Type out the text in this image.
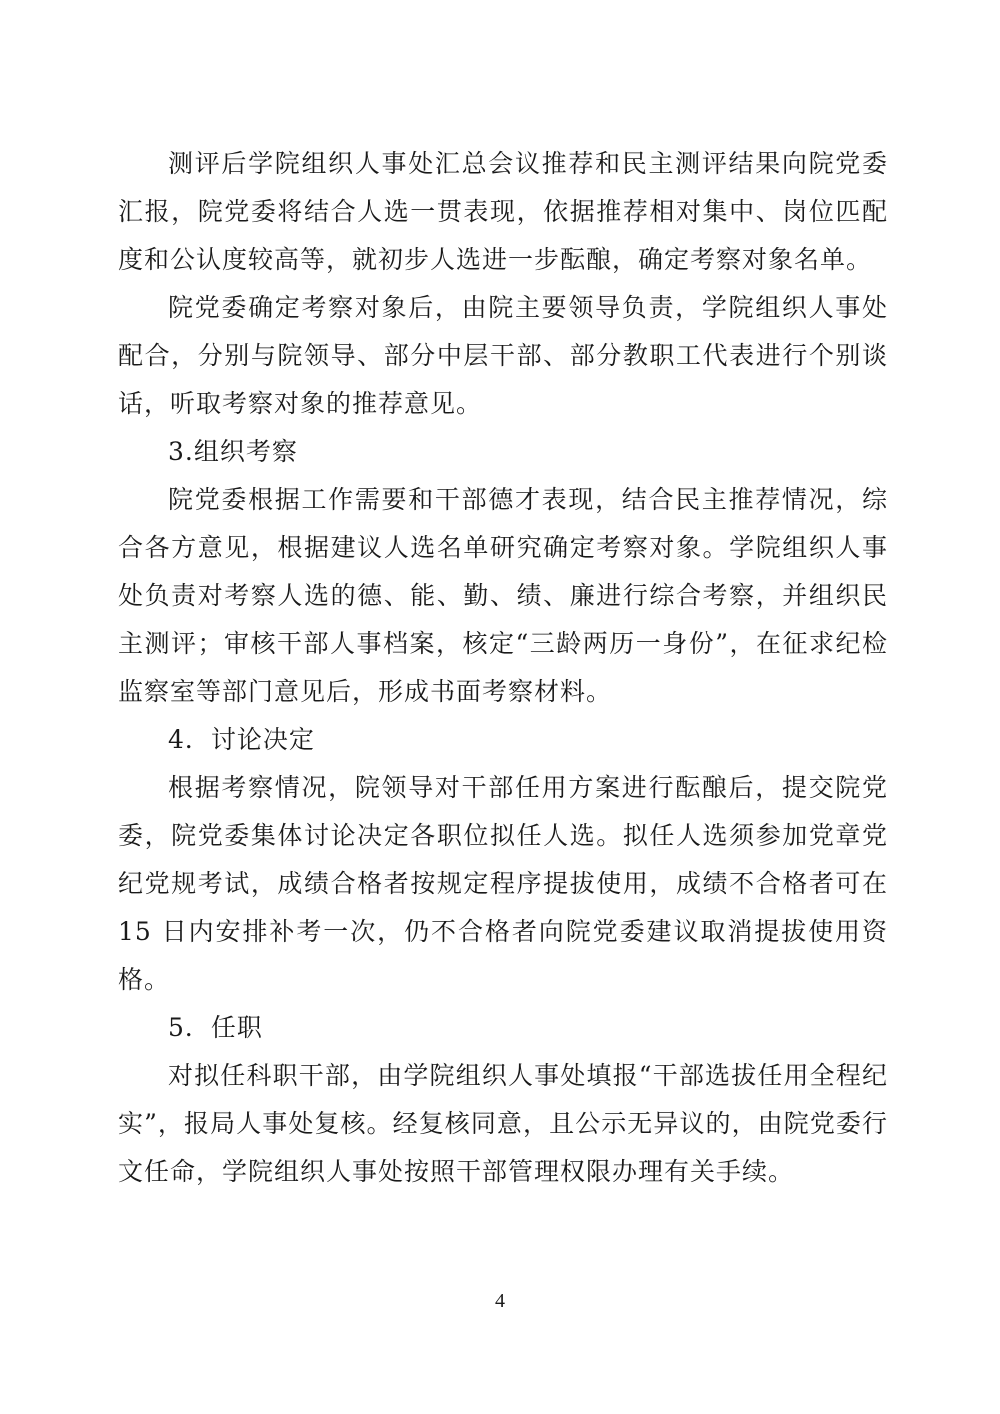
测评后学院组织人事处汇总会议推荐和民主测评结果向院党委汇报，院党委将结合人选一贯表现，依据推荐相对集中、岗位匹配度和公认度较高等，就初步人选进一步酝酿，确定考察对象名单。

院党委确定考察对象后，由院主要领导负责，学院组织人事处配合，分别与院领导、部分中层干部、部分教职工代表进行个别谈话，听取考察对象的推荐意见。

3.组织考察

院党委根据工作需要和干部德才表现，结合民主推荐情况，综合各方意见，根据建议人选名单研究确定考察对象。学院组织人事处负责对考察人选的德、能、勤、绩、廉进行综合考察，并组织民主测评；审核干部人事档案，核定“三龄两历一身份”，在征求纪检监察室等部门意见后，形成书面考察材料。

4．讨论决定

根据考察情况，院领导对干部任用方案进行酝酿后，提交院党委，院党委集体讨论决定各职位拟任人选。拟任人选须参加党章党纪党规考试，成绩合格者按规定程序提拔使用，成绩不合格者可在 15 日内安排补考一次，仍不合格者向院党委建议取消提拔使用资格。

5．任职

对拟任科职干部，由学院组织人事处填报“干部选拔任用全程纪实”，报局人事处复核。经复核同意，且公示无异议的，由院党委行文任命，学院组织人事处按照干部管理权限办理有关手续。

4
